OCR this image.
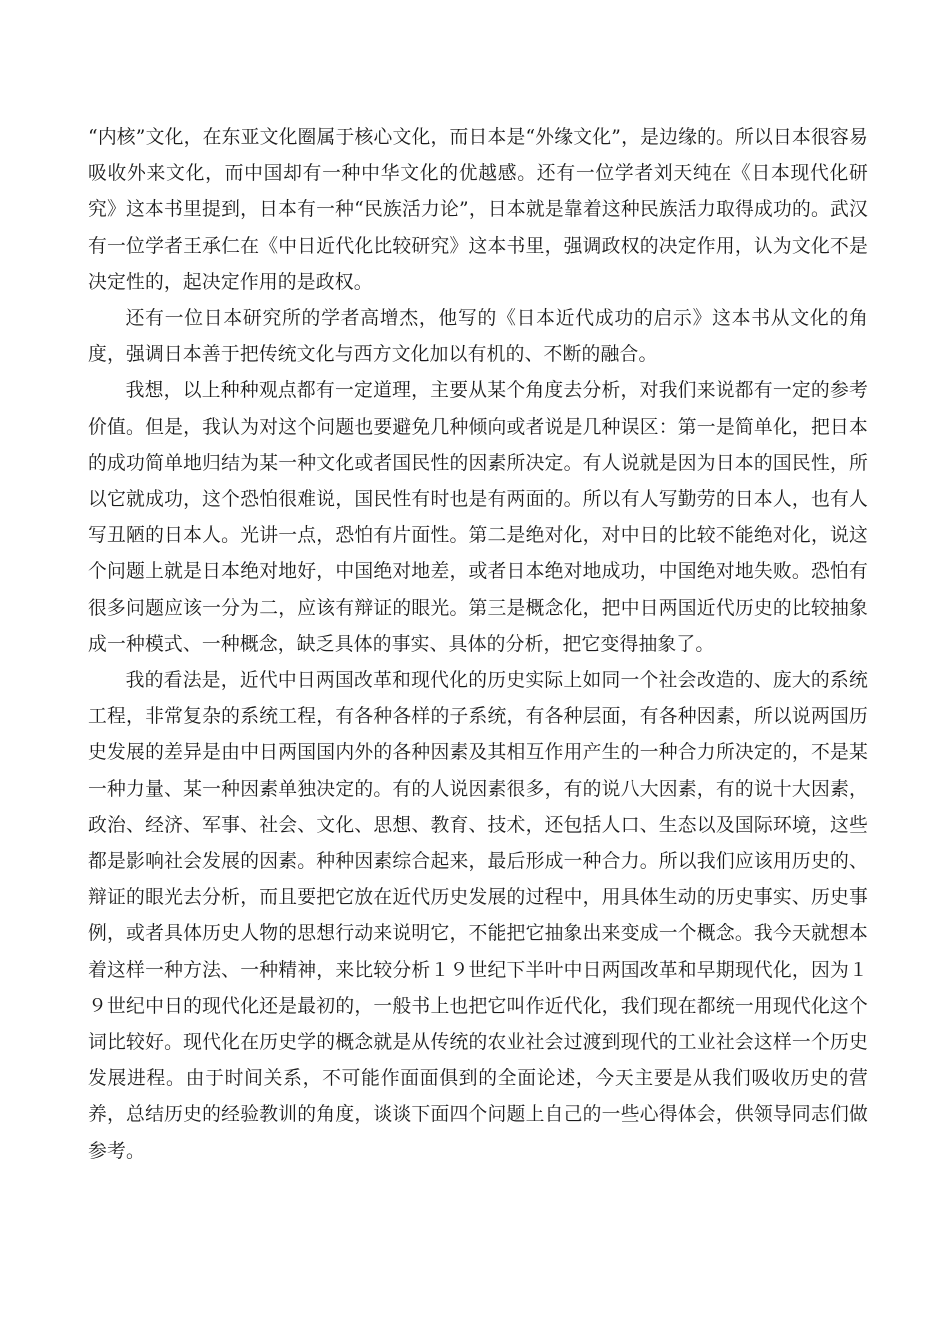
“内核”文化，在东亚文化圈属于核心文化，而日本是“外缘文化”，是边缘的。所以日本很容易吸收外来文化，而中国却有一种中华文化的优越感。还有一位学者刘天纯在《日本现代化研究》这本书里提到，日本有一种“民族活力论”，日本就是靠着这种民族活力取得成功的。武汉有一位学者王承仁在《中日近代化比较研究》这本书里，强调政权的决定作用，认为文化不是决定性的，起决定作用的是政权。

还有一位日本研究所的学者高增杰，他写的《日本近代成功的启示》这本书从文化的角度，强调日本善于把传统文化与西方文化加以有机的、不断的融合。

我想，以上种种观点都有一定道理，主要从某个角度去分析，对我们来说都有一定的参考价值。但是，我认为对这个问题也要避免几种倾向或者说是几种误区：第一是简单化，把日本的成功简单地归结为某一种文化或者国民性的因素所决定。有人说就是因为日本的国民性，所以它就成功，这个恐怕很难说，国民性有时也是有两面的。所以有人写勤劳的日本人，也有人写丑陋的日本人。光讲一点，恐怕有片面性。第二是绝对化，对中日的比较不能绝对化，说这个问题上就是日本绝对地好，中国绝对地差，或者日本绝对地成功，中国绝对地失败。恐怕有很多问题应该一分为二，应该有辩证的眼光。第三是概念化，把中日两国近代历史的比较抽象成一种模式、一种概念，缺乏具体的事实、具体的分析，把它变得抽象了。

我的看法是，近代中日两国改革和现代化的历史实际上如同一个社会改造的、庞大的系统工程，非常复杂的系统工程，有各种各样的子系统，有各种层面，有各种因素，所以说两国历史发展的差异是由中日两国国内外的各种因素及其相互作用产生的一种合力所决定的，不是某一种力量、某一种因素单独决定的。有的人说因素很多，有的说八大因素，有的说十大因素，政治、经济、军事、社会、文化、思想、教育、技术，还包括人口、生态以及国际环境，这些都是影响社会发展的因素。种种因素综合起来，最后形成一种合力。所以我们应该用历史的、辩证的眼光去分析，而且要把它放在近代历史发展的过程中，用具体生动的历史事实、历史事例，或者具体历史人物的思想行动来说明它，不能把它抽象出来变成一个概念。我今天就想本着这样一种方法、一种精神，来比较分析１９世纪下半叶中日两国改革和早期现代化，因为１９世纪中日的现代化还是最初的，一般书上也把它叫作近代化，我们现在都统一用现代化这个词比较好。现代化在历史学的概念就是从传统的农业社会过渡到现代的工业社会这样一个历史发展进程。由于时间关系，不可能作面面俱到的全面论述，今天主要是从我们吸收历史的营养，总结历史的经验教训的角度，谈谈下面四个问题上自己的一些心得体会，供领导同志们做参考。
